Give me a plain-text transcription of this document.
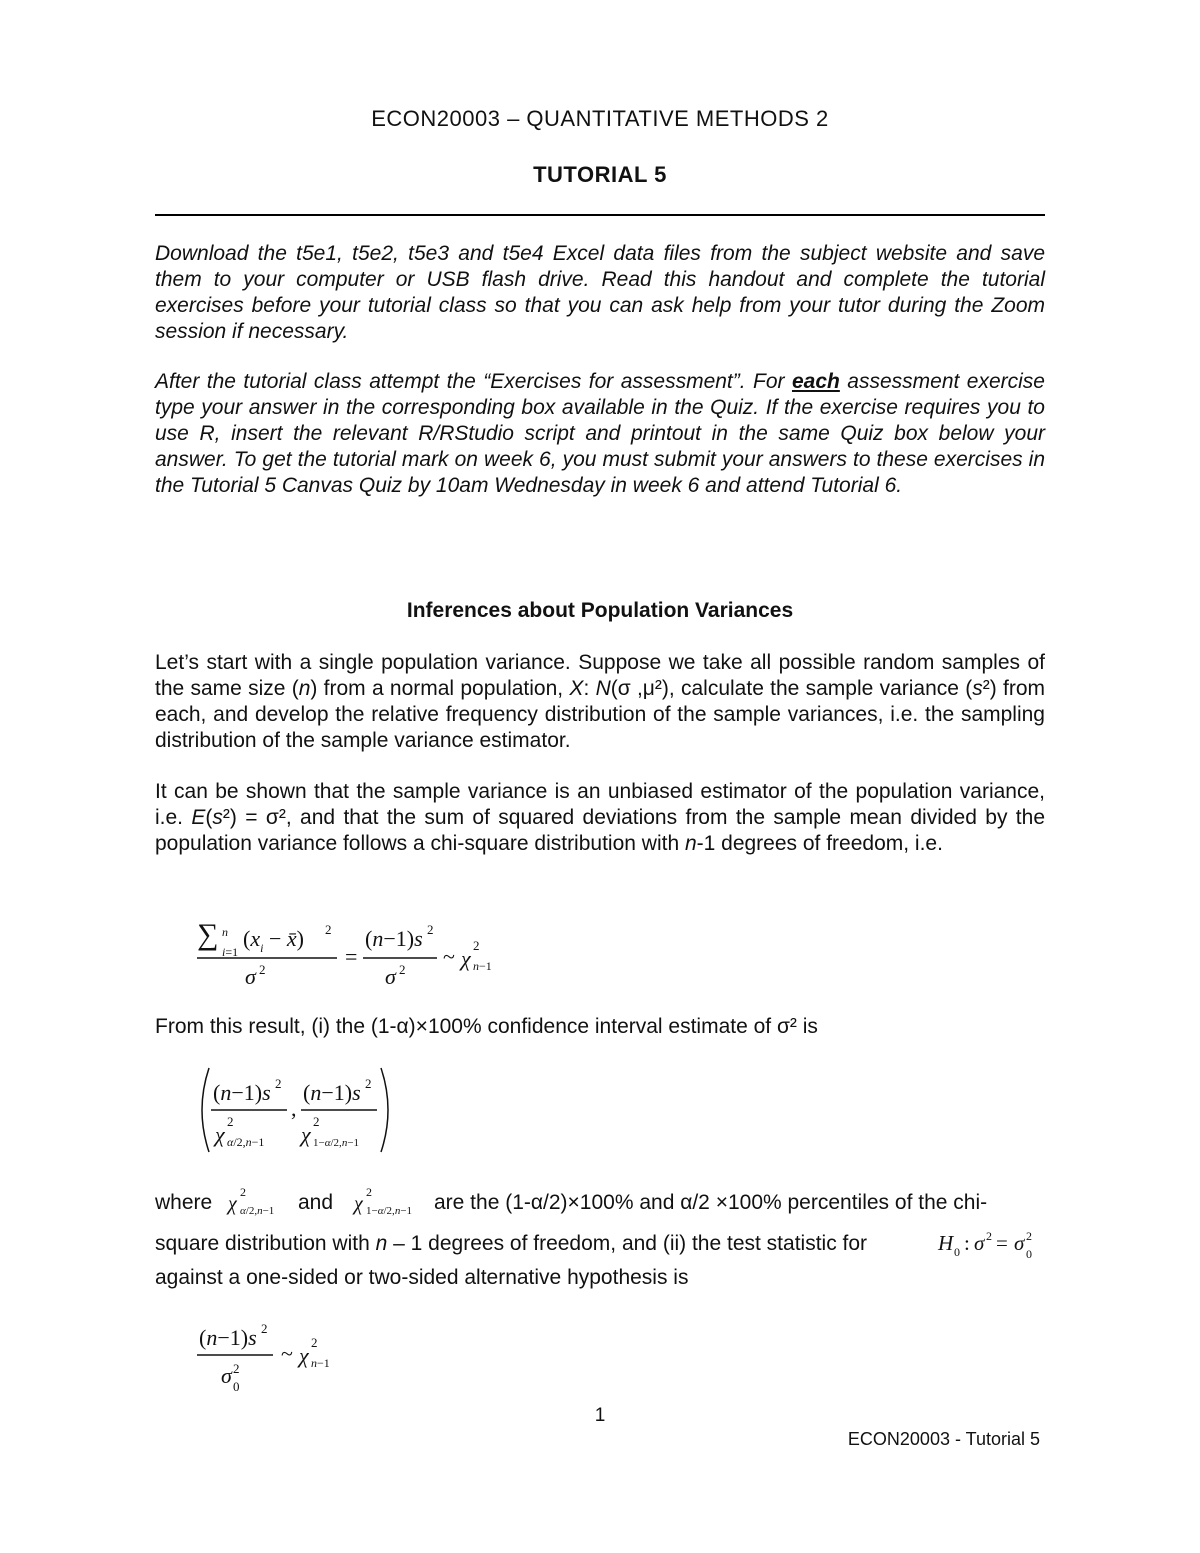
ECON20003 – QUANTITATIVE METHODS 2
TUTORIAL 5
Download the t5e1, t5e2, t5e3 and t5e4 Excel data files from the subject website and save them to your computer or USB flash drive. Read this handout and complete the tutorial exercises before your tutorial class so that you can ask help from your tutor during the Zoom session if necessary.
After the tutorial class attempt the “Exercises for assessment”. For each assessment exercise type your answer in the corresponding box available in the Quiz. If the exercise requires you to use R, insert the relevant R/RStudio script and printout in the same Quiz box below your answer. To get the tutorial mark on week 6, you must submit your answers to these exercises in the Tutorial 5 Canvas Quiz by 10am Wednesday in week 6 and attend Tutorial 6.
Inferences about Population Variances
Let’s start with a single population variance. Suppose we take all possible random samples of the same size (n) from a normal population, X: N(σ ,μ²), calculate the sample variance (s²) from each, and develop the relative frequency distribution of the sample variances, i.e. the sampling distribution of the sample variance estimator.
It can be shown that the sample variance is an unbiased estimator of the population variance, i.e. E(s²) = σ², and that the sum of squared deviations from the sample mean divided by the population variance follows a chi-square distribution with n-1 degrees of freedom, i.e.
∑ n
i=1
($x_i$ − x̄) 2
σ 2
=
(n−1)s 2
σ 2
~ χ
2
n−1
From this result, (i) the (1-α)×100% confidence interval estimate of σ² is
(n−1)s 2
χ
2
α/2,n−1
,
(n−1)s 2
χ
2
1−α/2,n−1
where χ
2
α/2,n−1 and	χ
2
1−α/2,n−1 are the (1-α/2)×100% and α/2 ×100% percentiles of the chi-
square distribution with n – 1 degrees of freedom, and (ii) the test statistic for	H 0 : σ 2 = σ 2
0
against a one-sided or two-sided alternative hypothesis is
(n−1)s 2
σ 2
0
~ χ
2
n−1
1
ECON20003 - Tutorial 5
